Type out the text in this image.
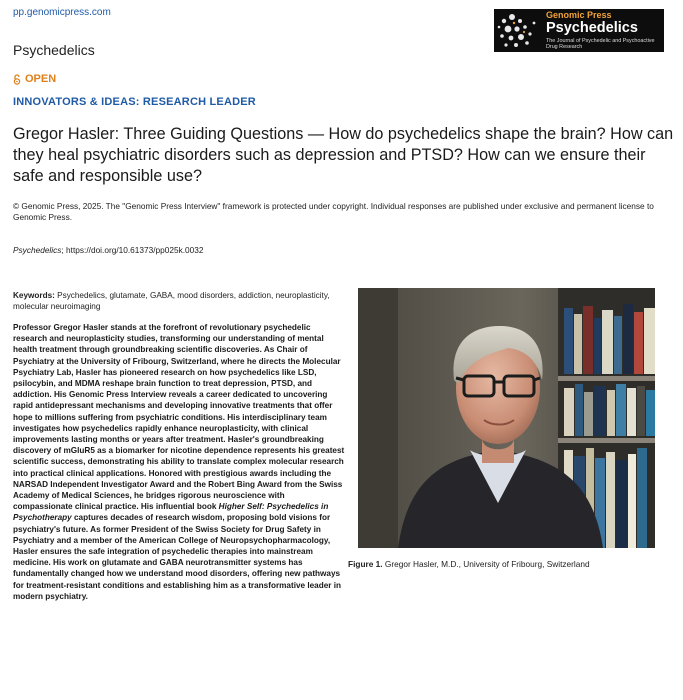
pp.genomicpress.com	Genomic Press
Psychedelics
The Journal of Psychedelic and Psychoactive Drug Research
Psychedelics
OPEN
INNOVATORS & IDEAS: RESEARCH LEADER
Gregor Hasler: Three Guiding Questions — How do psychedelics shape the brain? How can they heal psychiatric disorders such as depression and PTSD? How can we ensure their safe and responsible use?
© Genomic Press, 2025. The "Genomic Press Interview" framework is protected under copyright. Individual responses are published under exclusive and permanent license to Genomic Press.
Psychedelics; https://doi.org/10.61373/pp025k.0032
Keywords: Psychedelics, glutamate, GABA, mood disorders, addiction, neuroplasticity, molecular neuroimaging

Professor Gregor Hasler stands at the forefront of revolutionary psychedelic research and neuroplasticity studies, transforming our understanding of mental health treatment through groundbreaking scientific discoveries. As Chair of Psychiatry at the University of Fribourg, Switzerland, where he directs the Molecular Psychiatry Lab, Hasler has pioneered research on how psychedelics like LSD, psilocybin, and MDMA reshape brain function to treat depression, PTSD, and addiction. His Genomic Press Interview reveals a career dedicated to uncovering rapid antidepressant mechanisms and developing innovative treatments that offer hope to millions suffering from psychiatric conditions. His interdisciplinary team investigates how psychedelics rapidly enhance neuroplasticity, with clinical improvements lasting months or years after treatment. Hasler's groundbreaking discovery of mGluR5 as a biomarker for nicotine dependence represents his greatest scientific success, demonstrating his ability to translate complex molecular research into practical clinical applications. Honored with prestigious awards including the NARSAD Independent Investigator Award and the Robert Bing Award from the Swiss Academy of Medical Sciences, he bridges rigorous neuroscience with compassionate clinical practice. His influential book Higher Self: Psychedelics in Psychotherapy captures decades of research wisdom, proposing bold visions for psychiatry's future. As former President of the Swiss Society for Drug Safety in Psychiatry and a member of the American College of Neuropsychopharmacology, Hasler ensures the safe integration of psychedelic therapies into mainstream medicine. His work on glutamate and GABA neurotransmitter systems has fundamentally changed how we understand mood disorders, offering new pathways for treatment-resistant conditions and establishing him as a transformative leader in modern psychiatry.

Figure 1. Gregor Hasler, M.D., University of Fribourg, Switzerland
